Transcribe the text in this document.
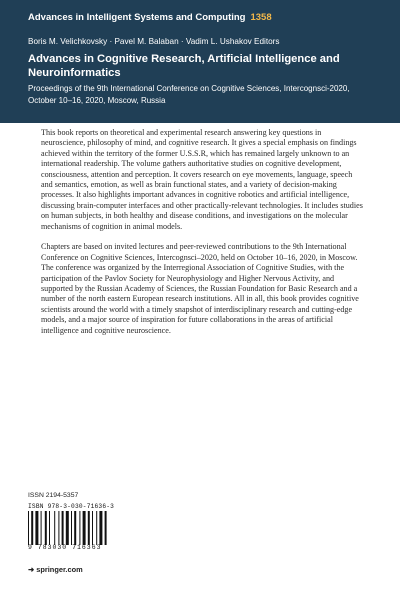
Advances in Intelligent Systems and Computing 1358
Boris M. Velichkovsky · Pavel M. Balaban · Vadim L. Ushakov Editors
Advances in Cognitive Research, Artificial Intelligence and Neuroinformatics
Proceedings of the 9th International Conference on Cognitive Sciences, Intercognsci-2020, October 10–16, 2020, Moscow, Russia

This book reports on theoretical and experimental research answering key questions in neuroscience, philosophy of mind, and cognitive research. It gives a special emphasis on findings achieved within the territory of the former U.S.S.R, which has remained largely unknown to an international readership. The volume gathers authoritative studies on cognitive development, consciousness, attention and perception. It covers research on eye movements, language, speech and semantics, emotion, as well as brain functional states, and a variety of decision-making processes. It also highlights important advances in cognitive robotics and artificial intelligence, discussing brain-computer interfaces and other practically-relevant technologies. It includes studies on human subjects, in both healthy and disease conditions, and investigations on the molecular mechanisms of cognition in animal models.

Chapters are based on invited lectures and peer-reviewed contributions to the 9th International Conference on Cognitive Sciences, Intercognsci–2020, held on October 10–16, 2020, in Moscow. The conference was organized by the Interregional Association of Cognitive Studies, with the participation of the Pavlov Society for Neurophysiology and Higher Nervous Activity, and supported by the Russian Academy of Sciences, the Russian Foundation for Basic Research and a number of the north eastern European research institutions. All in all, this book provides cognitive scientists around the world with a timely snapshot of interdisciplinary research and cutting-edge models, and a major source of inspiration for future collaborations in the areas of artificial intelligence and cognitive neuroscience.

ISSN 2194-5357
ISBN 978-3-030-71636-3
9 783030 716363
➜ springer.com
